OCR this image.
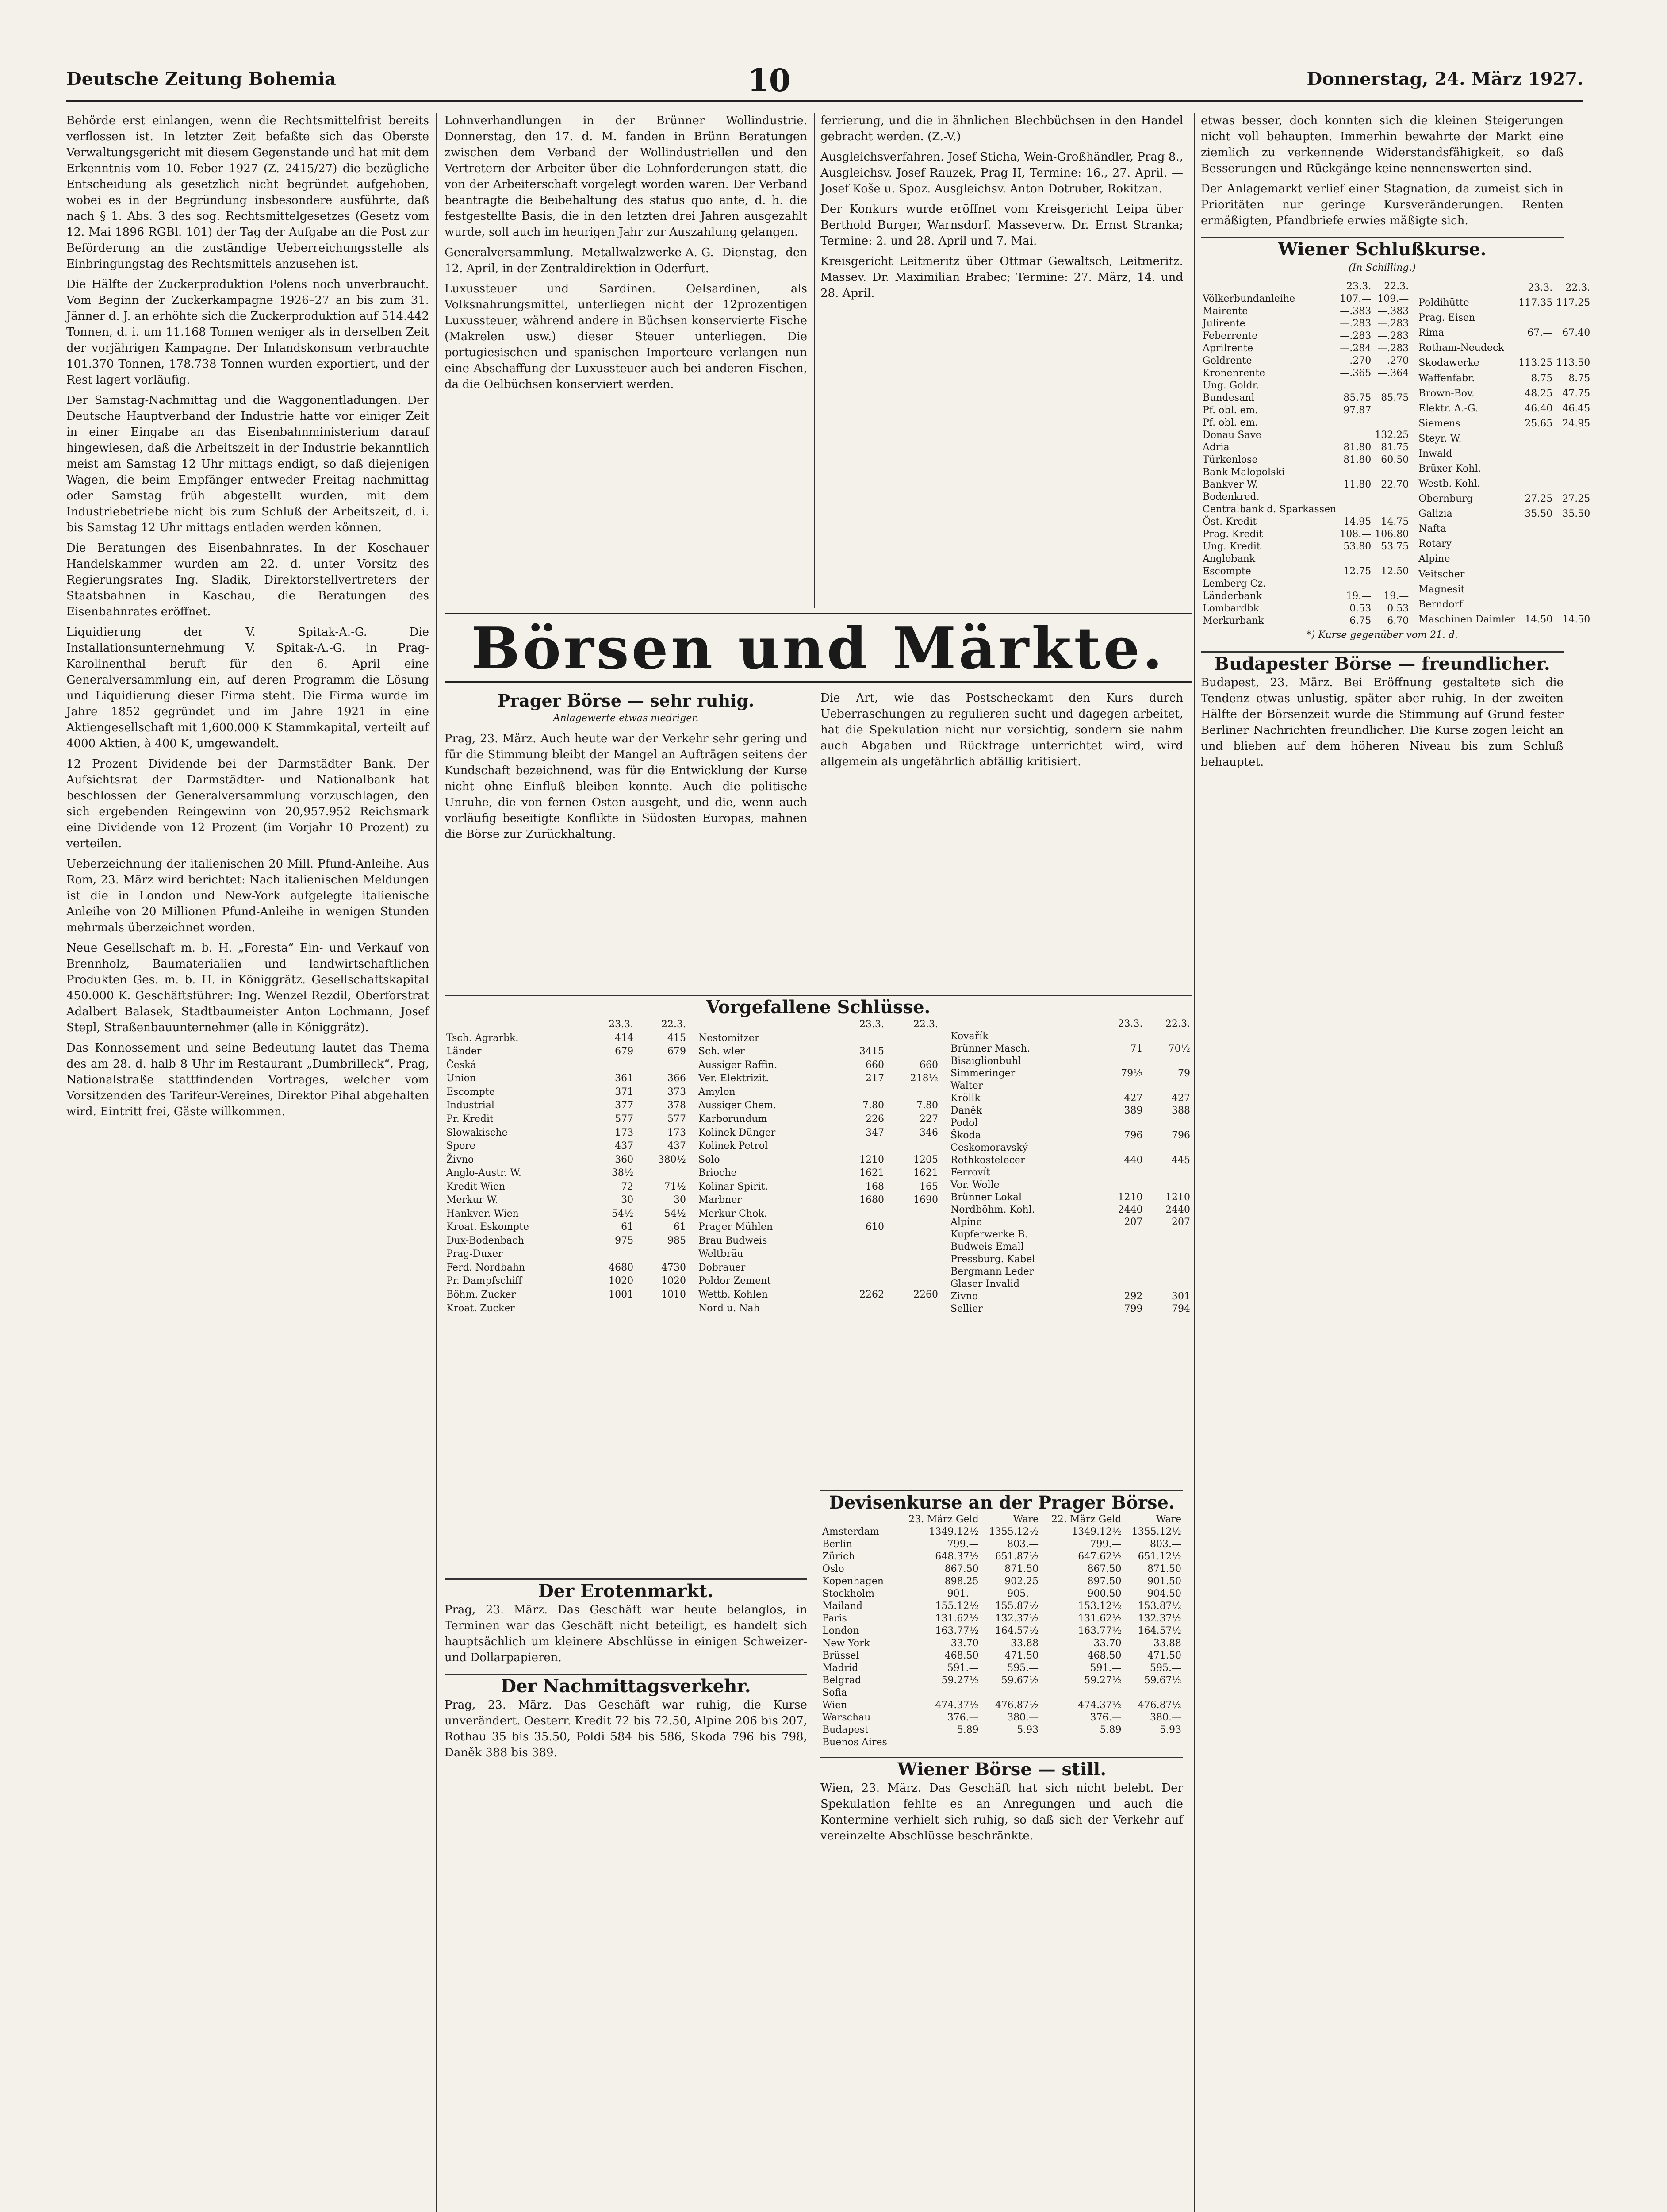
Deutsche Zeitung Bohemia	10	Donnerstag, 24. März 1927.

Behörde erst einlangen, wenn die Rechtsmittelfrist bereits verflossen ist. In letzter Zeit befaßte sich das Oberste Verwaltungsgericht mit diesem Gegenstande und hat mit dem Erkenntnis vom 10. Feber 1927 (Z. 2415/27) die bezügliche Entscheidung als gesetzlich nicht begründet aufgehoben, wobei es in der Begründung insbesondere ausführte, daß nach § 1. Abs. 3 des sog. Rechtsmittelgesetzes (Gesetz vom 12. Mai 1896 RGBl. 101) der Tag der Aufgabe an die Post zur Beförderung an die zuständige Ueberreichungsstelle als Einbringungstag des Rechtsmittels anzusehen ist.

Die Hälfte der Zuckerproduktion Polens noch unverbraucht. Vom Beginn der Zuckerkampagne 1926–27 an bis zum 31. Jänner d. J. an erhöhte sich die Zuckerproduktion auf 514.442 Tonnen, d. i. um 11.168 Tonnen weniger als in derselben Zeit der vorjährigen Kampagne. Der Inlandskonsum verbrauchte 101.370 Tonnen, 178.738 Tonnen wurden exportiert, und der Rest lagert vorläufig.

Der Samstag-Nachmittag und die Waggonentladungen. Der Deutsche Hauptverband der Industrie hatte vor einiger Zeit in einer Eingabe an das Eisenbahnministerium darauf hingewiesen, daß die Arbeitszeit in der Industrie bekanntlich meist am Samstag 12 Uhr mittags endigt, so daß diejenigen Wagen, die beim Empfänger entweder Freitag nachmittag oder Samstag früh abgestellt wurden, mit dem Industriebetriebe nicht bis zum Schluß der Arbeitszeit, d. i. bis Samstag 12 Uhr mittags entladen werden können.

Die Beratungen des Eisenbahnrates. In der Koschauer Handelskammer wurden am 22. d. unter Vorsitz des Regierungsrates Ing. Sladik, Direktorstellvertreters der Staatsbahnen in Kaschau, die Beratungen des Eisenbahnrates eröffnet.

Liquidierung der V. Spitak-A.-G. Die Installationsunternehmung V. Spitak-A.-G. in Prag-Karolinenthal beruft für den 6. April eine Generalversammlung ein, auf deren Programm die Lösung und Liquidierung dieser Firma steht. Die Firma wurde im Jahre 1852 gegründet und im Jahre 1921 in eine Aktiengesellschaft mit 1,600.000 K Stammkapital, verteilt auf 4000 Aktien, à 400 K, umgewandelt.

12 Prozent Dividende bei der Darmstädter Bank. Der Aufsichtsrat der Darmstädter- und Nationalbank hat beschlossen der Generalversammlung vorzuschlagen, den sich ergebenden Reingewinn von 20,957.952 Reichsmark eine Dividende von 12 Prozent (im Vorjahr 10 Prozent) zu verteilen.

Ueberzeichnung der italienischen 20 Mill. Pfund-Anleihe. Aus Rom, 23. März wird berichtet: Nach italienischen Meldungen ist die in London und New-York aufgelegte italienische Anleihe von 20 Millionen Pfund-Anleihe in wenigen Stunden mehrmals überzeichnet worden.

Neue Gesellschaft m. b. H. „Foresta“ Ein- und Verkauf von Brennholz, Baumaterialien und landwirtschaftlichen Produkten Ges. m. b. H. in Königgrätz. Gesellschaftskapital 450.000 K. Geschäftsführer: Ing. Wenzel Rezdil, Oberforstrat Adalbert Balasek, Stadtbaumeister Anton Lochmann, Josef Stepl, Straßenbauunternehmer (alle in Königgrätz).

Das Konnossement und seine Bedeutung lautet das Thema des am 28. d. halb 8 Uhr im Restaurant „Dumbrilleck“, Prag, Nationalstraße stattfindenden Vortrages, welcher vom Vorsitzenden des Tarifeur-Vereines, Direktor Pihal abgehalten wird. Eintritt frei, Gäste willkommen.

Lohnverhandlungen in der Brünner Wollindustrie. Donnerstag, den 17. d. M. fanden in Brünn Beratungen zwischen dem Verband der Wollindustriellen und den Vertretern der Arbeiter über die Lohnforderungen statt, die von der Arbeiterschaft vorgelegt worden waren. Der Verband beantragte die Beibehaltung des status quo ante, d. h. die festgestellte Basis, die in den letzten drei Jahren ausgezahlt wurde, soll auch im heurigen Jahr zur Auszahlung gelangen.

Generalversammlung. Metallwalzwerke-A.-G. Dienstag, den 12. April, in der Zentraldirektion in Oderfurt.

Luxussteuer und Sardinen. Oelsardinen, als Volksnahrungsmittel, unterliegen nicht der 12prozentigen Luxussteuer, während andere in Büchsen konservierte Fische (Makrelen usw.) dieser Steuer unterliegen. Die portugiesischen und spanischen Importeure verlangen nun eine Abschaffung der Luxussteuer auch bei anderen Fischen, da die Oelbüchsen konserviert werden.

ferrierung, und die in ähnlichen Blechbüchsen in den Handel gebracht werden. (Z.-V.)

Ausgleichsverfahren. Josef Sticha, Wein-Großhändler, Prag 8., Ausgleichsv. Josef Rauzek, Prag II, Termine: 16., 27. April. — Josef Koše u. Spoz. Ausgleichsv. Anton Dotruber, Rokitzan.

Der Konkurs wurde eröffnet vom Kreisgericht Leipa über Berthold Burger, Warnsdorf. Masseverw. Dr. Ernst Stranka; Termine: 2. und 28. April und 7. Mai.

Kreisgericht Leitmeritz über Ottmar Gewaltsch, Leitmeritz. Massev. Dr. Maximilian Brabec; Termine: 27. März, 14. und 28. April.

Börsen und Märkte.
Prager Börse — sehr ruhig.
Anlagewerte etwas niedriger.

Prag, 23. März. Auch heute war der Verkehr sehr gering und für die Stimmung bleibt der Mangel an Aufträgen seitens der Kundschaft bezeichnend, was für die Entwicklung der Kurse nicht ohne Einfluß bleiben konnte. Auch die politische Unruhe, die von fernen Osten ausgeht, und die, wenn auch vorläufig beseitigte Konflikte in Südosten Europas, mahnen die Börse zur Zurückhaltung.

Die Art, wie das Postscheckamt den Kurs durch Ueberraschungen zu regulieren sucht und dagegen arbeitet, hat die Spekulation nicht nur vorsichtig, sondern sie nahm auch Abgaben und Rückfrage unterrichtet wird, wird allgemein als ungefährlich abfällig kritisiert.

Vorgefallene Schlüsse.
	23.3.	22.3.
Tsch. Agrarbk.	414	415
Länder	679	679
Česká		
Union	361	366
Escompte	371	373
Industrial	377	378
Pr. Kredit	577	577
Slowakische	173	173
Spore	437	437
Živno	360	380½
Anglo-Austr. W.	38½	
Kredit Wien	72	71½
Merkur W.	30	30
Hankver. Wien	54½	54½
Kroat. Eskompte	61	61
Dux-Bodenbach	975	985
Prag-Duxer		
Ferd. Nordbahn	4680	4730
Pr. Dampfschiff	1020	1020
Böhm. Zucker	1001	1010
Kroat. Zucker		
	23.3.	22.3.
Nestomitzer		
Sch. wler	3415	
Aussiger Raffin.	660	660
Ver. Elektrizit.	217	218½
Amylon		
Aussiger Chem.	7.80	7.80
Karborundum	226	227
Kolinek Dünger	347	346
Kolinek Petrol		
Solo	1210	1205
Brioche	1621	1621
Kolinar Spirit.	168	165
Marbner	1680	1690
Merkur Chok.		
Prager Mühlen	610	
Brau Budweis		
Weltbräu		
Dobrauer		
Poldor Zement		
Wettb. Kohlen	2262	2260
Nord u. Nah		
	23.3.	22.3.
Kovařík		
Brünner Masch.	71	70½
Bisaiglionbuhl		
Simmeringer	79½	79
Walter		
Kröllk	427	427
Daněk	389	388
Podol		
Škoda	796	796
Ceskomoravský		
Rothkostelecer	440	445
Ferrovít		
Vor. Wolle		
Brünner Lokal	1210	1210
Nordböhm. Kohl.	2440	2440
Alpine	207	207
Kupferwerke B.		
Budweis Emall		
Pressburg. Kabel		
Bergmann Leder		
Glaser Invalid		
Zivno	292	301
Sellier	799	794
Der Erotenmarkt.

Prag, 23. März. Das Geschäft war heute belanglos, in Terminen war das Geschäft nicht beteiligt, es handelt sich hauptsächlich um kleinere Abschlüsse in einigen Schweizer- und Dollarpapieren.

Der Nachmittagsverkehr.

Prag, 23. März. Das Geschäft war ruhig, die Kurse unverändert. Oesterr. Kredit 72 bis 72.50, Alpine 206 bis 207, Rothau 35 bis 35.50, Poldi 584 bis 586, Skoda 796 bis 798, Daněk 388 bis 389.

Devisenkurse an der Prager Börse.
	23. März Geld	Ware	22. März Geld	Ware
Amsterdam	1349.12½	1355.12½	1349.12½	1355.12½
Berlin	799.—	803.—	799.—	803.—
Zürich	648.37½	651.87½	647.62½	651.12½
Oslo	867.50	871.50	867.50	871.50
Kopenhagen	898.25	902.25	897.50	901.50
Stockholm	901.—	905.—	900.50	904.50
Mailand	155.12½	155.87½	153.12½	153.87½
Paris	131.62½	132.37½	131.62½	132.37½
London	163.77½	164.57½	163.77½	164.57½
New York	33.70	33.88	33.70	33.88
Brüssel	468.50	471.50	468.50	471.50
Madrid	591.—	595.—	591.—	595.—
Belgrad	59.27½	59.67½	59.27½	59.67½
Sofia				
Wien	474.37½	476.87½	474.37½	476.87½
Warschau	376.—	380.—	376.—	380.—
Budapest	5.89	5.93	5.89	5.93
Buenos Aires				
Wiener Börse — still.

Wien, 23. März. Das Geschäft hat sich nicht belebt. Der Spekulation fehlte es an Anregungen und auch die Kontermine verhielt sich ruhig, so daß sich der Verkehr auf vereinzelte Abschlüsse beschränkte.

etwas besser, doch konnten sich die kleinen Steigerungen nicht voll behaupten. Immerhin bewahrte der Markt eine ziemlich zu verkennende Widerstandsfähigkeit, so daß Besserungen und Rückgänge keine nennenswerten sind.

Der Anlagemarkt verlief einer Stagnation, da zumeist sich in Prioritäten nur geringe Kursveränderungen. Renten ermäßigten, Pfandbriefe erwies mäßigte sich.

Wiener Schlußkurse.
(In Schilling.)
	23.3.	22.3.
Völkerbundanleihe	107.—	109.—
Mairente	—.383	—.383
Julirente	—.283	—.283
Feberrente	—.283	—.283
Aprilrente	—.284	—.283
Goldrente	—.270	—.270
Kronenrente	—.365	—.364
Ung. Goldr.		
Bundesanl	85.75	85.75
Pf. obl. em.	97.87	
Pf. obl. em.		
Donau Save		132.25
Adria	81.80	81.75
Türkenlose	81.80	60.50
Bank Malopolski		
Bankver W.	11.80	22.70
Bodenkred.		
Centralbank d. Sparkassen		
Öst. Kredit	14.95	14.75
Prag. Kredit	108.—	106.80
Ung. Kredit	53.80	53.75
Anglobank		
Escompte	12.75	12.50
Lemberg-Cz.		
Länderbank	19.—	19.—
Lombardbk	0.53	0.53
Merkurbank	6.75	6.70
	23.3.	22.3.
Poldihütte	117.35	117.25
Prag. Eisen		
Rima	67.—	67.40
Rotham-Neudeck		
Skodawerke	113.25	113.50
Waffenfabr.	8.75	8.75
Brown-Bov.	48.25	47.75
Elektr. A.-G.	46.40	46.45
Siemens	25.65	24.95
Steyr. W.		
Inwald		
Brüxer Kohl.		
Westb. Kohl.		
Obernburg	27.25	27.25
Galizia	35.50	35.50
Nafta		
Rotary		
Alpine		
Veitscher		
Magnesit		
Berndorf		
Maschinen Daimler	14.50	14.50
*) Kurse gegenüber vom 21. d.
Budapester Börse — freundlicher.

Budapest, 23. März. Bei Eröffnung gestaltete sich die Tendenz etwas unlustig, später aber ruhig. In der zweiten Hälfte der Börsenzeit wurde die Stimmung auf Grund fester Berliner Nachrichten freundlicher. Die Kurse zogen leicht an und blieben auf dem höheren Niveau bis zum Schluß behauptet.
